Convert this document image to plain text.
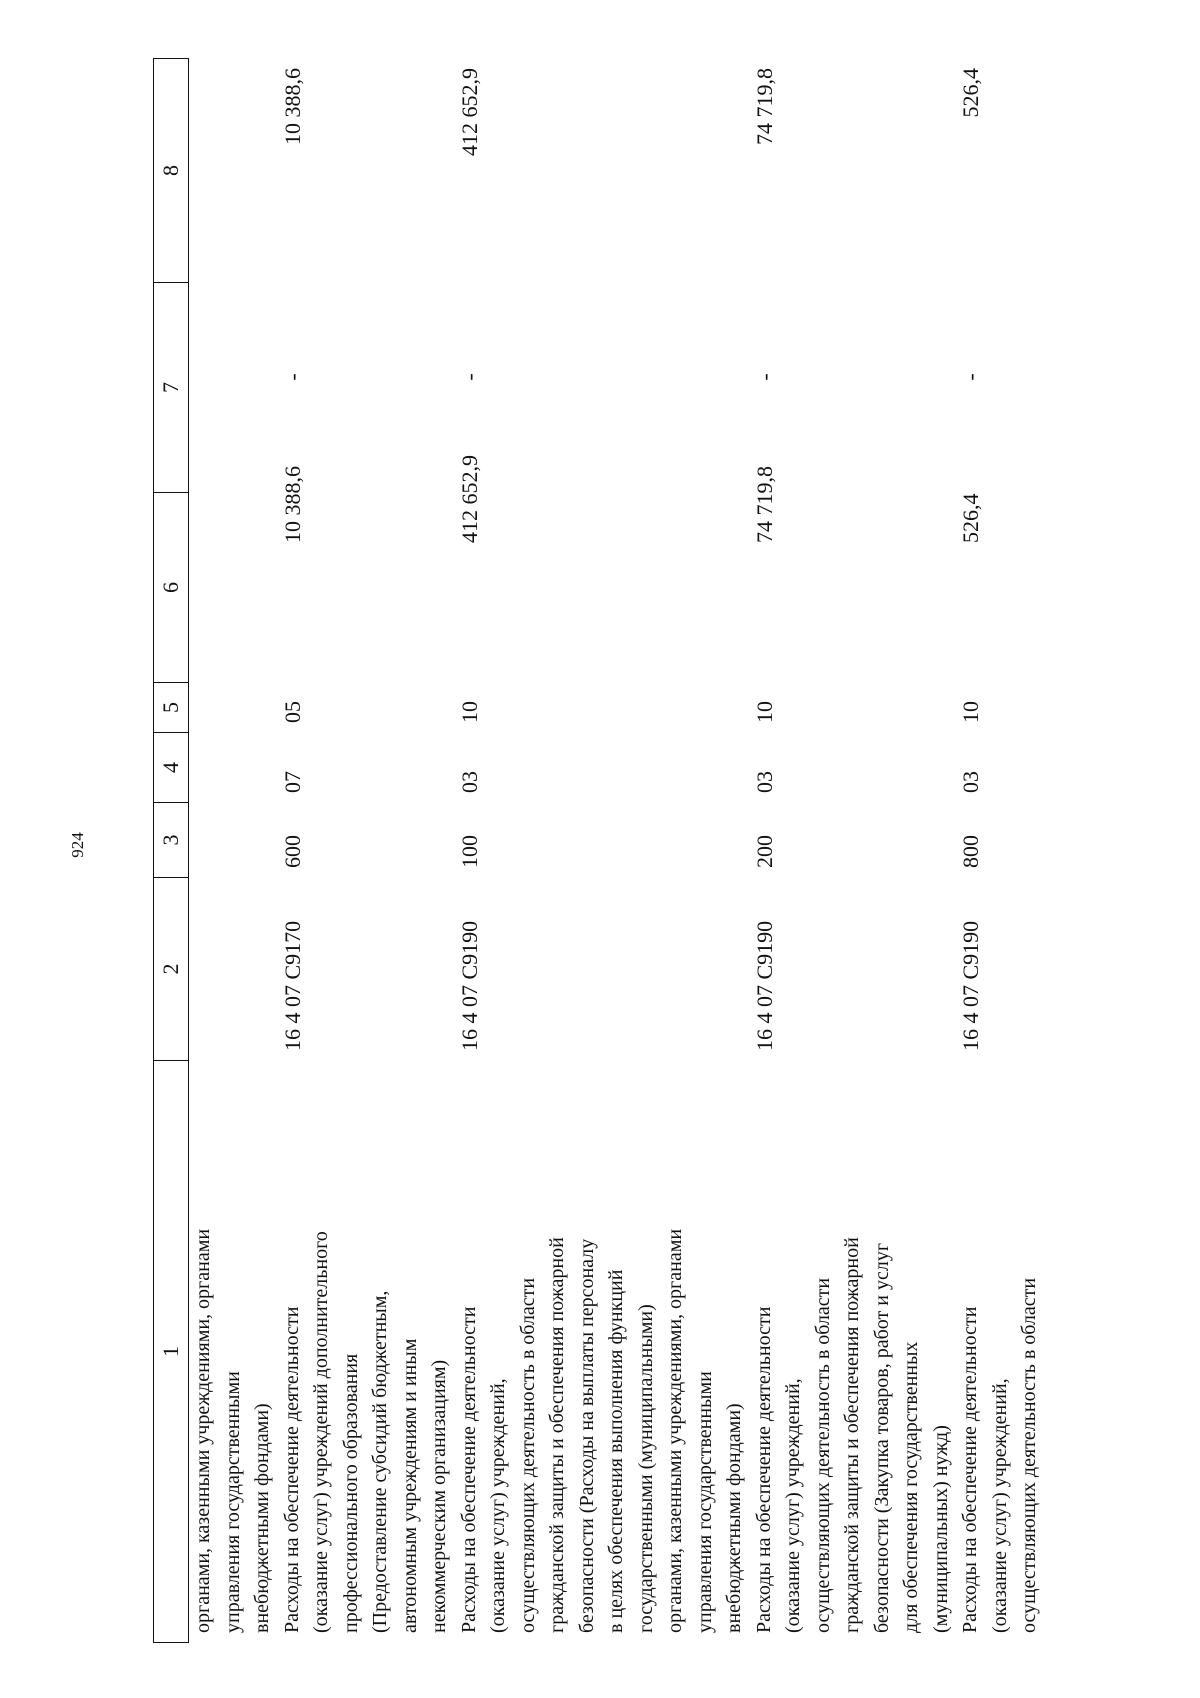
924
1
2
3
4
5
6
7
8
органами, казенными учреждениями, органами управления государственными внебюджетными фондами) Расходы на обеспечение деятельности (оказание услуг) учреждений дополнительного профессионального образования (Предоставление субсидий бюджетным, автономным учреждениям и иным некоммерческим организациям)
16 4 07 С9170
600
07
05
10 388,6
-
10 388,6
Расходы на обеспечение деятельности (оказание услуг) учреждений, осуществляющих деятельность в области гражданской защиты и обеспечения пожарной безопасности (Расходы на выплаты персоналу в целях обеспечения выполнения функций государственными (муниципальными) органами, казенными учреждениями, органами управления государственными внебюджетными фондами)
16 4 07 С9190
100
03
10
412 652,9
-
412 652,9
Расходы на обеспечение деятельности (оказание услуг) учреждений, осуществляющих деятельность в области гражданской защиты и обеспечения пожарной безопасности (Закупка товаров, работ и услуг для обеспечения государственных (муниципальных) нужд)
16 4 07 С9190
200
03
10
74 719,8
-
74 719,8
Расходы на обеспечение деятельности (оказание услуг) учреждений, осуществляющих деятельность в области
16 4 07 С9190
800
03
10
526,4
-
526,4
